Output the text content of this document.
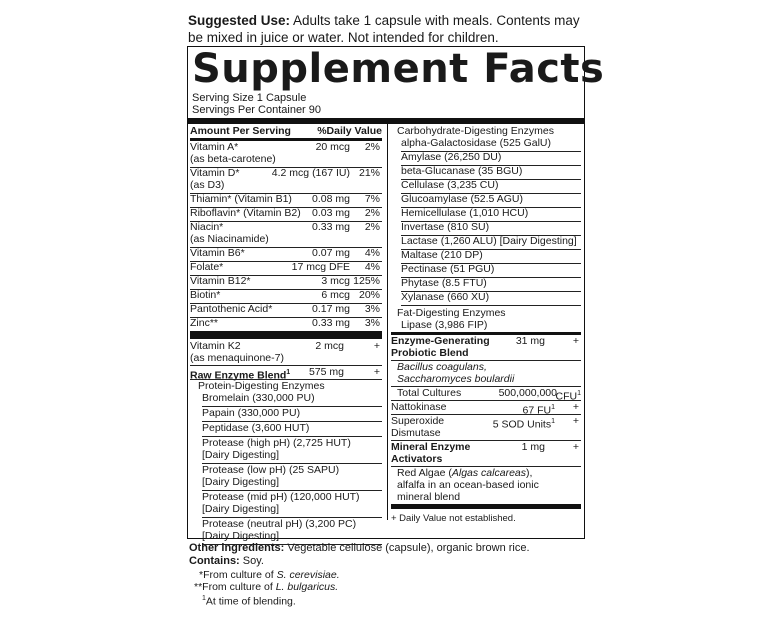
Suggested Use: Adults take 1 capsule with meals. Contents may be mixed in juice or water. Not intended for children.
Supplement Facts
Serving Size 1 Capsule
Servings Per Container 90
Amount Per Serving	%Daily Value
Vitamin A*	20 mcg 2%
(as beta-carotene)
Vitamin D*	4.2 mcg (167 IU) 21%
(as D3)
Thiamin* (Vitamin B1) 0.08 mg 7%
Riboflavin* (Vitamin B2) 0.03 mg 2%
Niacin*	0.33 mg 2%
(as Niacinamide)
Vitamin B6*	0.07 mg 4%
Folate*	17 mcg DFE 4%
Vitamin B12*	3 mcg 125%
Biotin*	6 mcg 20%
Pantothenic Acid*	0.17 mg 3%
Zinc**	0.33 mg 3%
Vitamin K2	2 mcg	+
(as menaquinone-7)
Raw Enzyme Blend$^1$ 575 mg	+
Protein-Digesting Enzymes
Bromelain (330,000 PU)
Papain (330,000 PU)
Peptidase (3,600 HUT)
Protease (high pH) (2,725 HUT)
[Dairy Digesting]
Protease (low pH) (25 SAPU)
[Dairy Digesting]
Protease (mid pH) (120,000 HUT)
[Dairy Digesting]
Protease (neutral pH) (3,200 PC)
[Dairy Digesting]
Carbohydrate-Digesting Enzymes
alpha-Galactosidase (525 GalU)
Amylase (26,250 DU)
beta-Glucanase (35 BGU)
Cellulase (3,235 CU)
Glucoamylase (52.5 AGU)
Hemicellulase (1,010 HCU)
Invertase (810 SU)
Lactase (1,260 ALU) [Dairy Digesting]
Maltase (210 DP)
Pectinase (51 PGU)
Phytase (8.5 FTU)
Xylanase (660 XU)
Fat-Digesting Enzymes
Lipase (3,986 FIP)
Enzyme-Generating 31 mg	+
Probiotic Blend
Bacillus coagulans,
Saccharomyces boulardii
Total Cultures	500,000,000
CFU$^1$
Nattokinase	67 $FU^1$ +
Superoxide	5 SOD Units$^1$ +
Dismutase
Mineral Enzyme	1 mg	+
Activators
Red Algae (Algas calcareas),
alfalfa in an ocean-based ionic
mineral blend
+ Daily Value not established.
Other ingredients: Vegetable cellulose (capsule), organic brown rice.
Contains: Soy.
*From culture of S. cerevisiae.
**From culture of L. bulgaricus.
$^1$At time of blending.
